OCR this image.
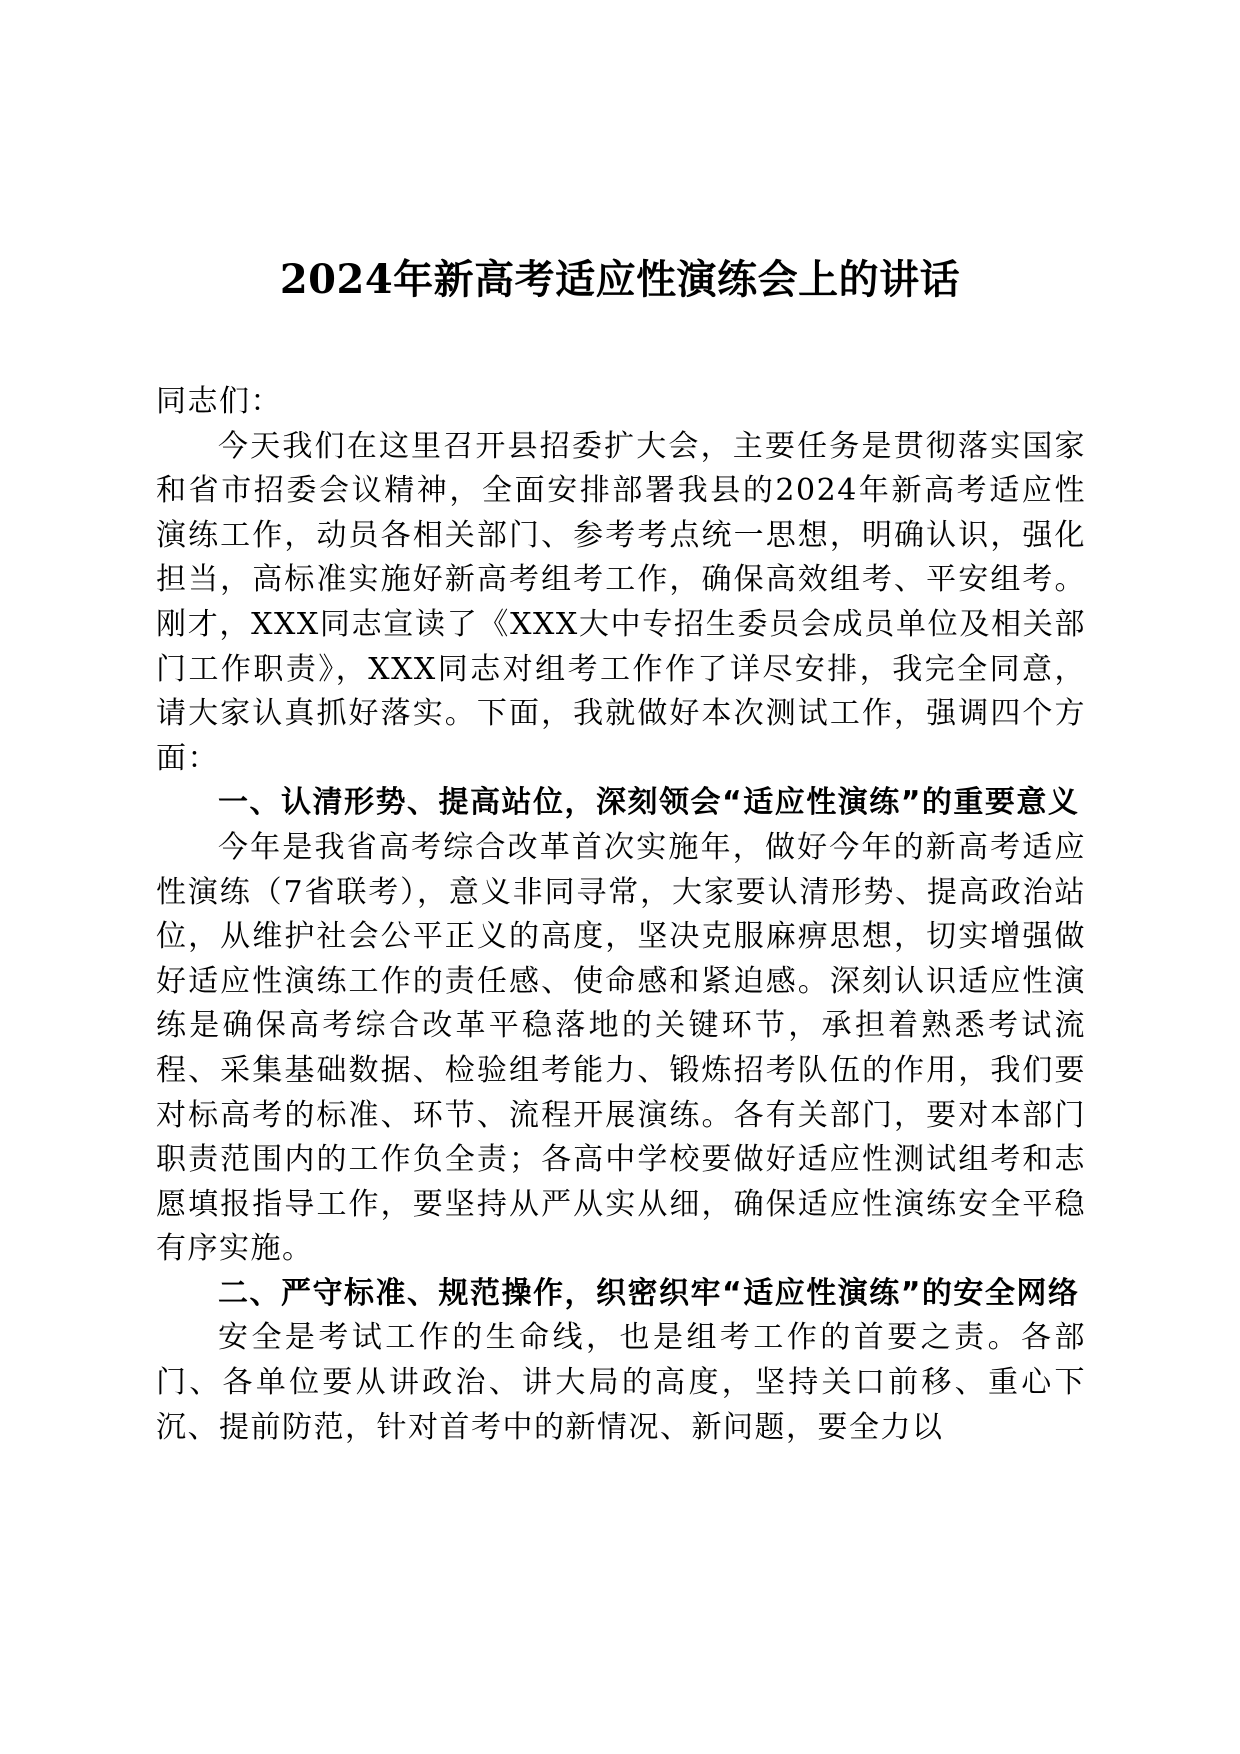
2024年新高考适应性演练会上的讲话

同志们：

今天我们在这里召开县招委扩大会，主要任务是贯彻落实国家和省市招委会议精神，全面安排部署我县的2024年新高考适应性演练工作，动员各相关部门、参考考点统一思想，明确认识，强化担当，高标准实施好新高考组考工作，确保高效组考、平安组考。刚才，XXX同志宣读了《XXX大中专招生委员会成员单位及相关部门工作职责》，XXX同志对组考工作作了详尽安排，我完全同意，请大家认真抓好落实。下面，我就做好本次测试工作，强调四个方面：

一、认清形势、提高站位，深刻领会“适应性演练”的重要意义

今年是我省高考综合改革首次实施年，做好今年的新高考适应性演练（7省联考），意义非同寻常，大家要认清形势、提高政治站位，从维护社会公平正义的高度，坚决克服麻痹思想，切实增强做好适应性演练工作的责任感、使命感和紧迫感。深刻认识适应性演练是确保高考综合改革平稳落地的关键环节，承担着熟悉考试流程、采集基础数据、检验组考能力、锻炼招考队伍的作用，我们要对标高考的标准、环节、流程开展演练。各有关部门，要对本部门职责范围内的工作负全责；各高中学校要做好适应性测试组考和志愿填报指导工作，要坚持从严从实从细，确保适应性演练安全平稳有序实施。

二、严守标准、规范操作，织密织牢“适应性演练”的安全网络

安全是考试工作的生命线，也是组考工作的首要之责。各部门、各单位要从讲政治、讲大局的高度，坚持关口前移、重心下沉、提前防范，针对首考中的新情况、新问题，要全力以
